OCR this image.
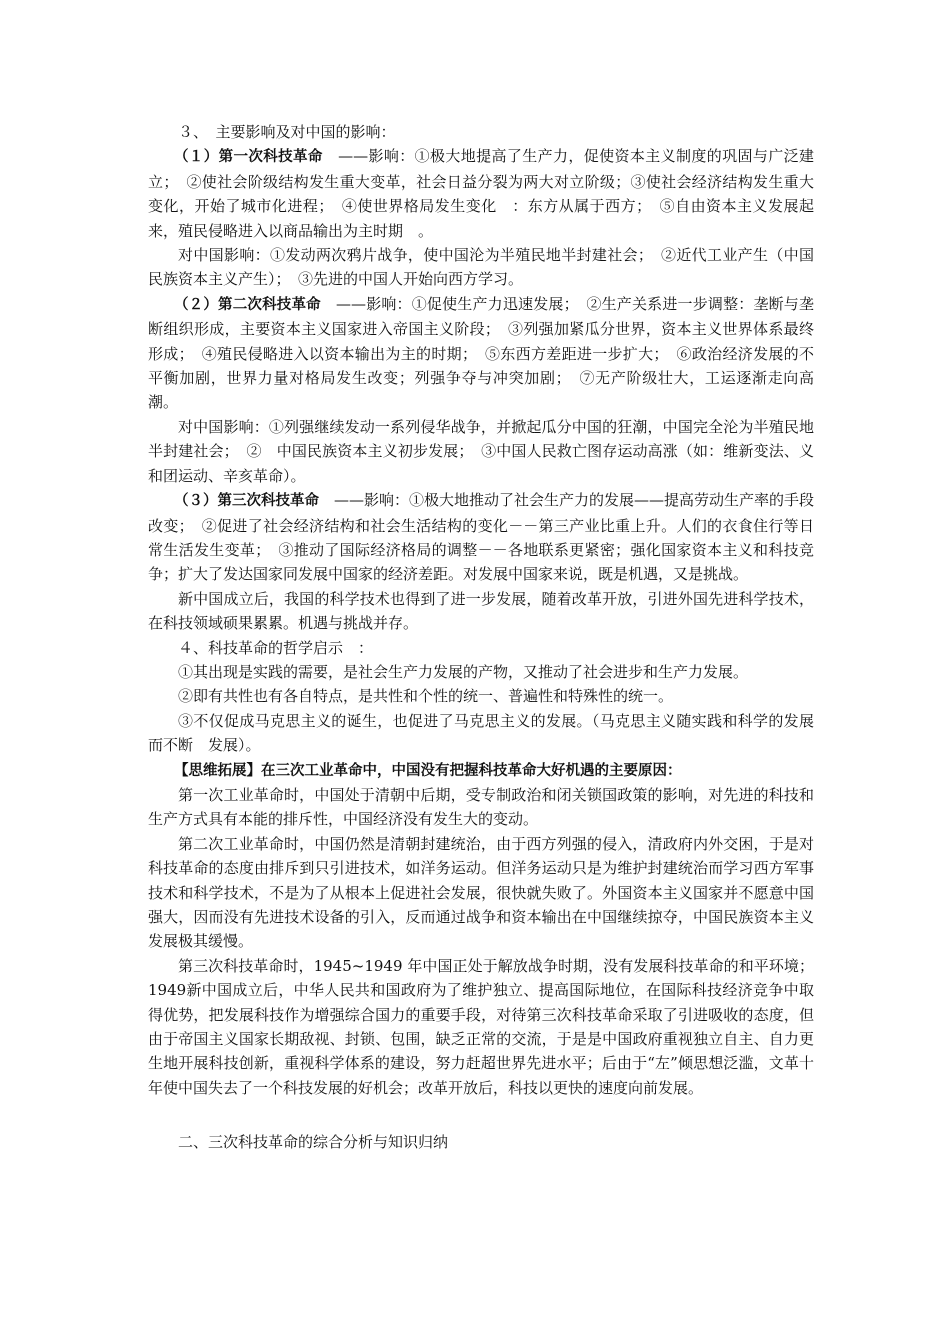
３、　主要影响及对中国的影响：

（１）第一次科技革命　——影响：①极大地提高了生产力，促使资本主义制度的巩固与广泛建立；　②使社会阶级结构发生重大变革，社会日益分裂为两大对立阶级；③使社会经济结构发生重大变化，开始了城市化进程；　④使世界格局发生变化　：东方从属于西方；　⑤自由资本主义发展起来，殖民侵略进入以商品输出为主时期　。

对中国影响：①发动两次鸦片战争，使中国沦为半殖民地半封建社会；　②近代工业产生（中国民族资本主义产生）；　③先进的中国人开始向西方学习。

（２）第二次科技革命　——影响：①促使生产力迅速发展；　②生产关系进一步调整：垄断与垄断组织形成，主要资本主义国家进入帝国主义阶段；　③列强加紧瓜分世界，资本主义世界体系最终形成；　④殖民侵略进入以资本输出为主的时期；　⑤东西方差距进一步扩大；　⑥政治经济发展的不平衡加剧，世界力量对格局发生改变；列强争夺与冲突加剧；　⑦无产阶级壮大，工运逐渐走向高潮。

对中国影响：①列强继续发动一系列侵华战争，并掀起瓜分中国的狂潮，中国完全沦为半殖民地半封建社会；　②　中国民族资本主义初步发展；　③中国人民救亡图存运动高涨（如：维新变法、义和团运动、辛亥革命）。

（３）第三次科技革命　——影响：①极大地推动了社会生产力的发展——提高劳动生产率的手段改变；　②促进了社会经济结构和社会生活结构的变化－－第三产业比重上升。人们的衣食住行等日常生活发生变革；　③推动了国际经济格局的调整－－各地联系更紧密；强化国家资本主义和科技竞争；扩大了发达国家同发展中国家的经济差距。对发展中国家来说，既是机遇，又是挑战。

新中国成立后，我国的科学技术也得到了进一步发展，随着改革开放，引进外国先进科学技术，在科技领域硕果累累。机遇与挑战并存。

４、科技革命的哲学启示　：

①其出现是实践的需要，是社会生产力发展的产物，又推动了社会进步和生产力发展。

②即有共性也有各自特点，是共性和个性的统一、普遍性和特殊性的统一。

③不仅促成马克思主义的诞生，也促进了马克思主义的发展。（马克思主义随实践和科学的发展而不断　发展）。

【思维拓展】在三次工业革命中，中国没有把握科技革命大好机遇的主要原因：

第一次工业革命时，中国处于清朝中后期，受专制政治和闭关锁国政策的影响，对先进的科技和生产方式具有本能的排斥性，中国经济没有发生大的变动。

第二次工业革命时，中国仍然是清朝封建统治，由于西方列强的侵入，清政府内外交困，于是对科技革命的态度由排斥到只引进技术，如洋务运动。但洋务运动只是为维护封建统治而学习西方军事技术和科学技术，不是为了从根本上促进社会发展，很快就失败了。外国资本主义国家并不愿意中国强大，因而没有先进技术设备的引入，反而通过战争和资本输出在中国继续掠夺，中国民族资本主义发展极其缓慢。

第三次科技革命时，1945~1949 年中国正处于解放战争时期，没有发展科技革命的和平环境；1949新中国成立后，中华人民共和国政府为了维护独立、提高国际地位，在国际科技经济竞争中取得优势，把发展科技作为增强综合国力的重要手段，对待第三次科技革命采取了引进吸收的态度，但由于帝国主义国家长期敌视、封锁、包围，缺乏正常的交流，于是是中国政府重视独立自主、自力更生地开展科技创新，重视科学体系的建设，努力赶超世界先进水平；后由于“左”倾思想泛滥，文革十年使中国失去了一个科技发展的好机会；改革开放后，科技以更快的速度向前发展。

二、三次科技革命的综合分析与知识归纳
